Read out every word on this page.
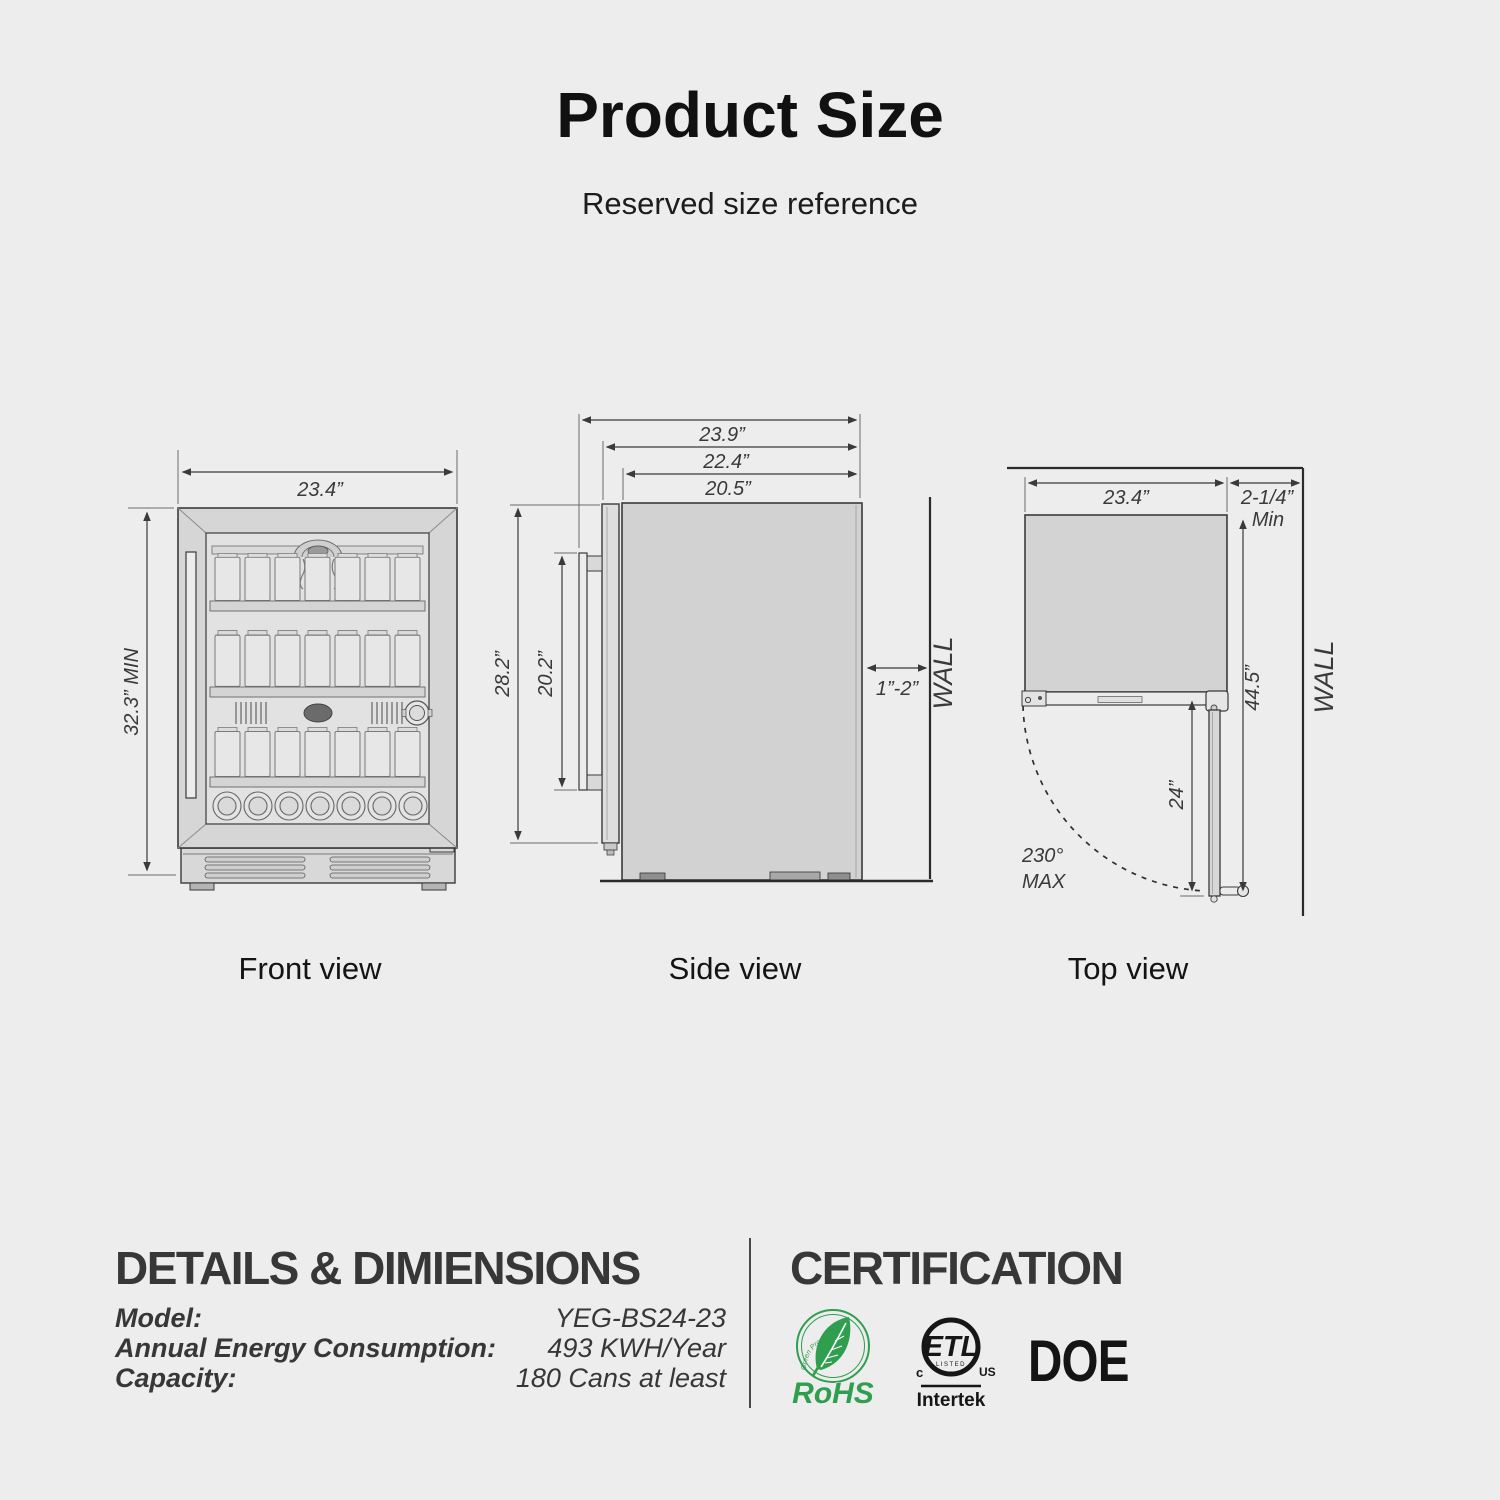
Product Size
Reserved size reference
23.4”
32.3” MIN
23.9”
22.4”
20.5”
28.2” 20.2”	WALL
1”-2”	WALL
23.4”	2-1/4”
Min
24”
44.5”
230°
MAX
Front view	Side view	Top view
DETAILS & DIMIENSIONS
Model:	YEG-BS24-23
Annual Energy Consumption: 493 KWH/Year
Capacity:	180 Cans at least
CERTIFICATION
Green Product
RoHS
ETL
LISTED
c	US
Intertek
DOE
